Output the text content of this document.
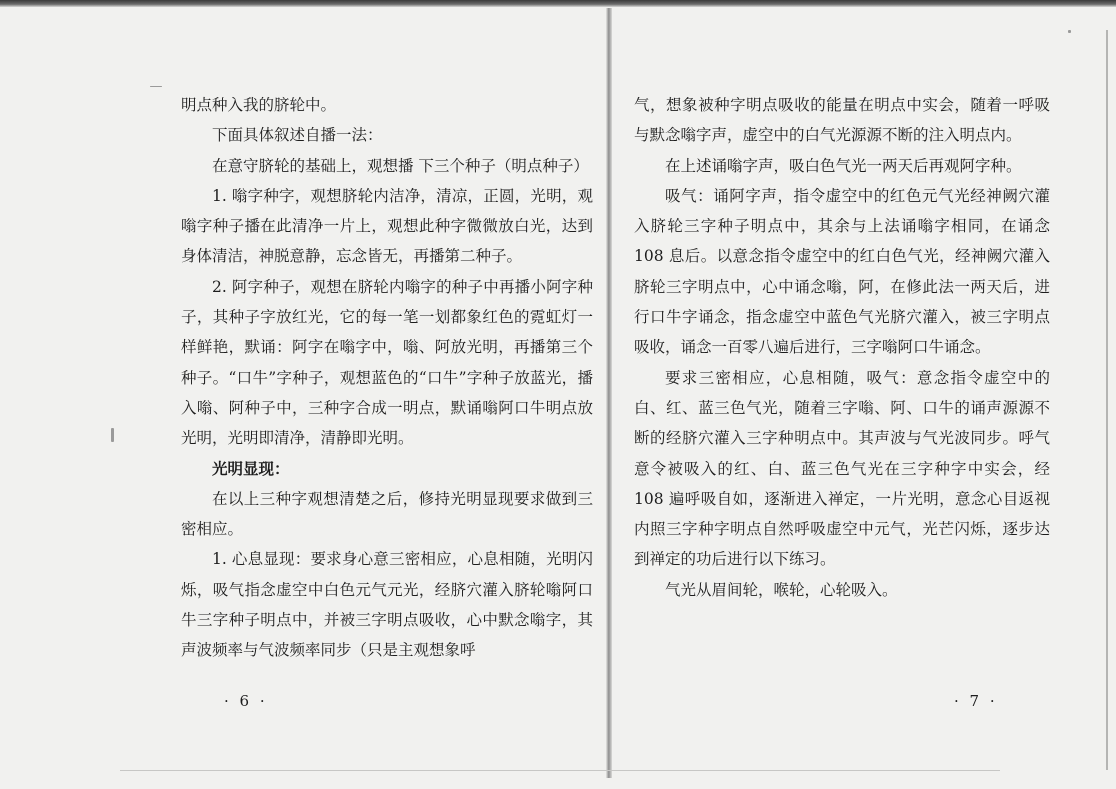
明点种入我的脐轮中。

下面具体叙述自播一法：

在意守脐轮的基础上，观想播 下三个种子（明点种子）

1. 嗡字种字，观想脐轮内洁净，清凉，正圆，光明，观嗡字种子播在此清净一片上，观想此种字微微放白光，达到身体清洁，神脱意静，忘念皆无，再播第二种子。

2. 阿字种子，观想在脐轮内嗡字的种子中再播小阿字种子，其种子字放红光，它的每一笔一划都象红色的霓虹灯一样鲜艳，默诵：阿字在嗡字中，嗡、阿放光明，再播第三个种子。“口牛”字种子，观想蓝色的“口牛”字种子放蓝光，播入嗡、阿种子中，三种字合成一明点，默诵嗡阿口牛明点放光明，光明即清净，清静即光明。

光明显现：

在以上三种字观想清楚之后，修持光明显现要求做到三密相应。

1. 心息显现：要求身心意三密相应，心息相随，光明闪烁，吸气指念虚空中白色元气元光，经脐穴灌入脐轮嗡阿口牛三字种子明点中，并被三字明点吸收，心中默念嗡字，其声波频率与气波频率同步（只是主观想象呼

气，想象被种字明点吸收的能量在明点中实会，随着一呼吸与默念嗡字声，虚空中的白气光源源不断的注入明点内。

在上述诵嗡字声，吸白色气光一两天后再观阿字种。

吸气：诵阿字声，指令虚空中的红色元气光经神阙穴灌入脐轮三字种子明点中，其余与上法诵嗡字相同，在诵念 108 息后。以意念指令虚空中的红白色气光，经神阙穴灌入脐轮三字明点中，心中诵念嗡，阿，在修此法一两天后，进行口牛字诵念，指念虚空中蓝色气光脐穴灌入，被三字明点吸收，诵念一百零八遍后进行，三字嗡阿口牛诵念。

要求三密相应，心息相随，吸气：意念指令虚空中的白、红、蓝三色气光，随着三字嗡、阿、口牛的诵声源源不断的经脐穴灌入三字种明点中。其声波与气光波同步。呼气意令被吸入的红、白、蓝三色气光在三字种字中实会，经 108 遍呼吸自如，逐渐进入禅定，一片光明，意念心目返视内照三字种字明点自然呼吸虚空中元气，光芒闪烁，逐步达到禅定的功后进行以下练习。

气光从眉间轮，喉轮，心轮吸入。

· 6 ·	· 7 ·
